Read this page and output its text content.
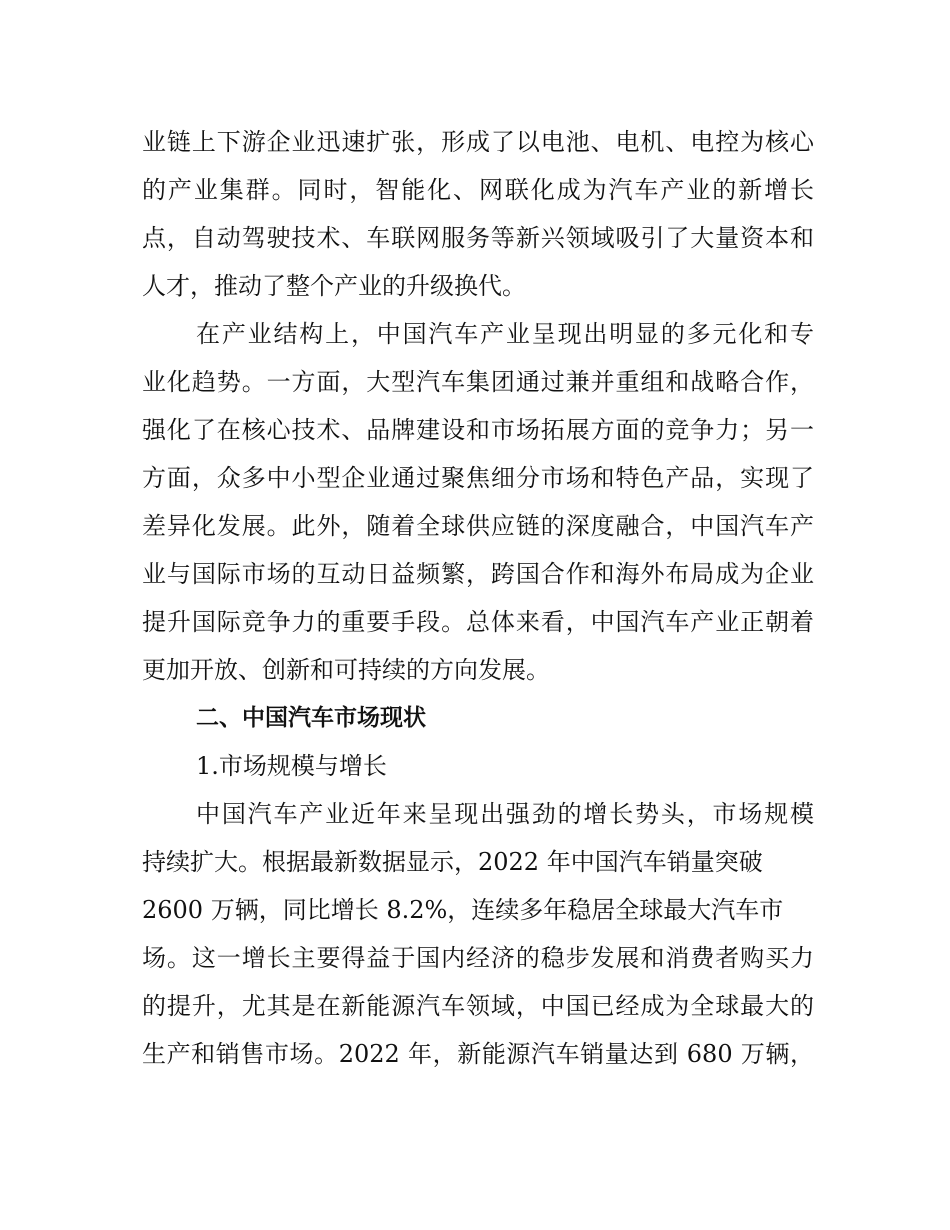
业链上下游企业迅速扩张，形成了以电池、电机、电控为核心
的产业集群。同时，智能化、网联化成为汽车产业的新增长
点，自动驾驶技术、车联网服务等新兴领域吸引了大量资本和
人才，推动了整个产业的升级换代。
在产业结构上，中国汽车产业呈现出明显的多元化和专
业化趋势。一方面，大型汽车集团通过兼并重组和战略合作，
强化了在核心技术、品牌建设和市场拓展方面的竞争力；另一
方面，众多中小型企业通过聚焦细分市场和特色产品，实现了
差异化发展。此外，随着全球供应链的深度融合，中国汽车产
业与国际市场的互动日益频繁，跨国合作和海外布局成为企业
提升国际竞争力的重要手段。总体来看，中国汽车产业正朝着
更加开放、创新和可持续的方向发展。
二、中国汽车市场现状
1.市场规模与增长
中国汽车产业近年来呈现出强劲的增长势头，市场规模
持续扩大。根据最新数据显示，2022 年中国汽车销量突破
2600 万辆，同比增长 8.2%，连续多年稳居全球最大汽车市
场。这一增长主要得益于国内经济的稳步发展和消费者购买力
的提升，尤其是在新能源汽车领域，中国已经成为全球最大的
生产和销售市场。2022 年，新能源汽车销量达到 680 万辆，
